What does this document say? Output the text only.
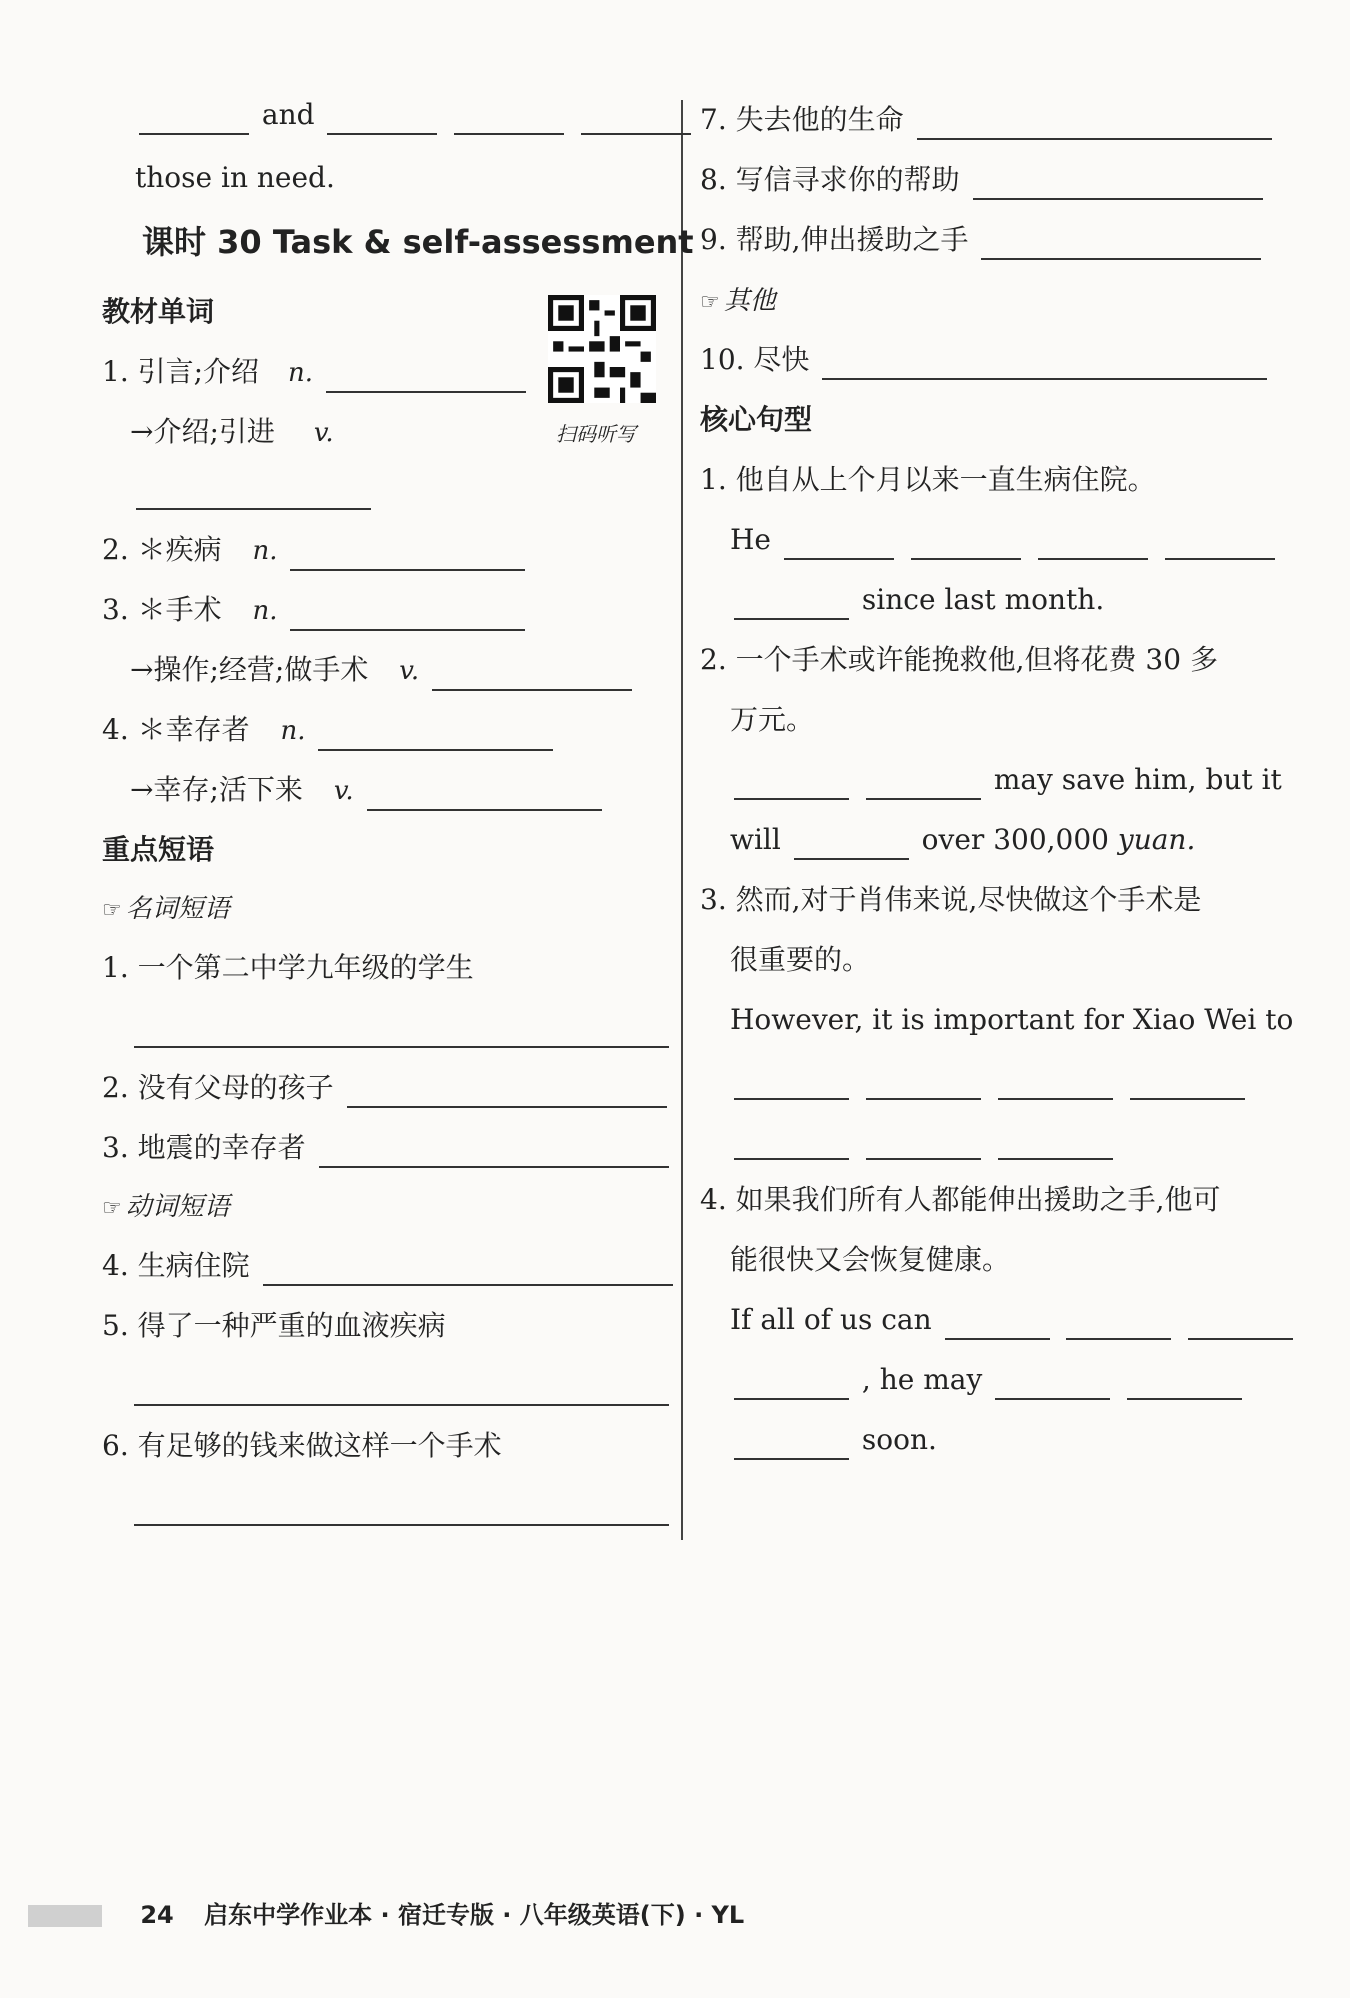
and
those in need.
课时 30 Task & self-assessment
教材单词
扫码听写
1. 引言;介绍 n.
→介绍;引进 v.
2. ＊疾病 n.
3. ＊手术 n.
→操作;经营;做手术 v.
4. ＊幸存者 n.
→幸存;活下来 v.
重点短语
☞ 名词短语
1. 一个第二中学九年级的学生
2. 没有父母的孩子
3. 地震的幸存者
☞ 动词短语
4. 生病住院
5. 得了一种严重的血液疾病
6. 有足够的钱来做这样一个手术
7. 失去他的生命
8. 写信寻求你的帮助
9. 帮助,伸出援助之手
☞ 其他
10. 尽快
核心句型
1. 他自从上个月以来一直生病住院。
He
since last month.
2. 一个手术或许能挽救他,但将花费 30 多
万元。
may save him, but it
will	over 300,000 yuan.
3. 然而,对于肖伟来说,尽快做这个手术是
很重要的。
However, it is important for Xiao Wei to

4. 如果我们所有人都能伸出援助之手,他可
能很快又会恢复健康。
If all of us can
, he may
soon.
24 启东中学作业本 · 宿迁专版 · 八年级英语(下) · YL
